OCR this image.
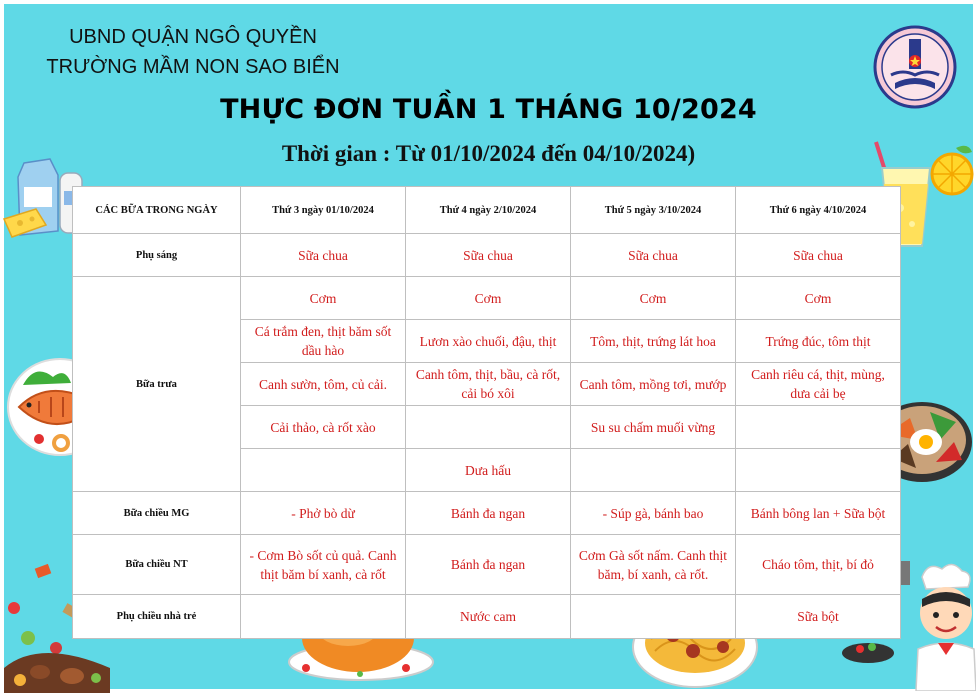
UBND QUẬN NGÔ QUYỀN
TRƯỜNG MẦM NON SAO BIỂN
THỰC ĐƠN TUẦN 1 THÁNG 10/2024
Thời gian : Từ 01/10/2024 đến 04/10/2024)
CÁC BỮA TRONG NGÀY	Thứ 3 ngày 01/10/2024	Thứ 4 ngày 2/10/2024	Thứ 5 ngày 3/10/2024	Thứ 6 ngày 4/10/2024
Phụ sáng	Sữa chua	Sữa chua	Sữa chua	Sữa chua
Bữa trưa	Cơm	Cơm	Cơm	Cơm
	Cá trắm đen, thịt băm sốt dầu hào	Lươn xào chuối, đậu, thịt	Tôm, thịt, trứng lát hoa	Trứng đúc, tôm thịt
	Canh sườn, tôm, củ cải.	Canh tôm, thịt, bầu, cà rốt, cải bó xôi	Canh tôm, mồng tơi, mướp	Canh riêu cá, thịt, mùng, dưa cải bẹ
	Cải thảo, cà rốt xào		Su su chấm muối vừng	
		Dưa hấu		
Bữa chiều MG	- Phở bò dừ	Bánh đa ngan	- Súp gà, bánh bao	Bánh bông lan + Sữa bột
Bữa chiều NT	- Cơm Bò sốt củ quả. Canh thịt băm bí xanh, cà rốt	Bánh đa ngan	Cơm Gà sốt nấm. Canh thịt băm, bí xanh, cà rốt.	Cháo tôm, thịt, bí đỏ
Phụ chiều nhà trẻ		Nước cam		Sữa bột
